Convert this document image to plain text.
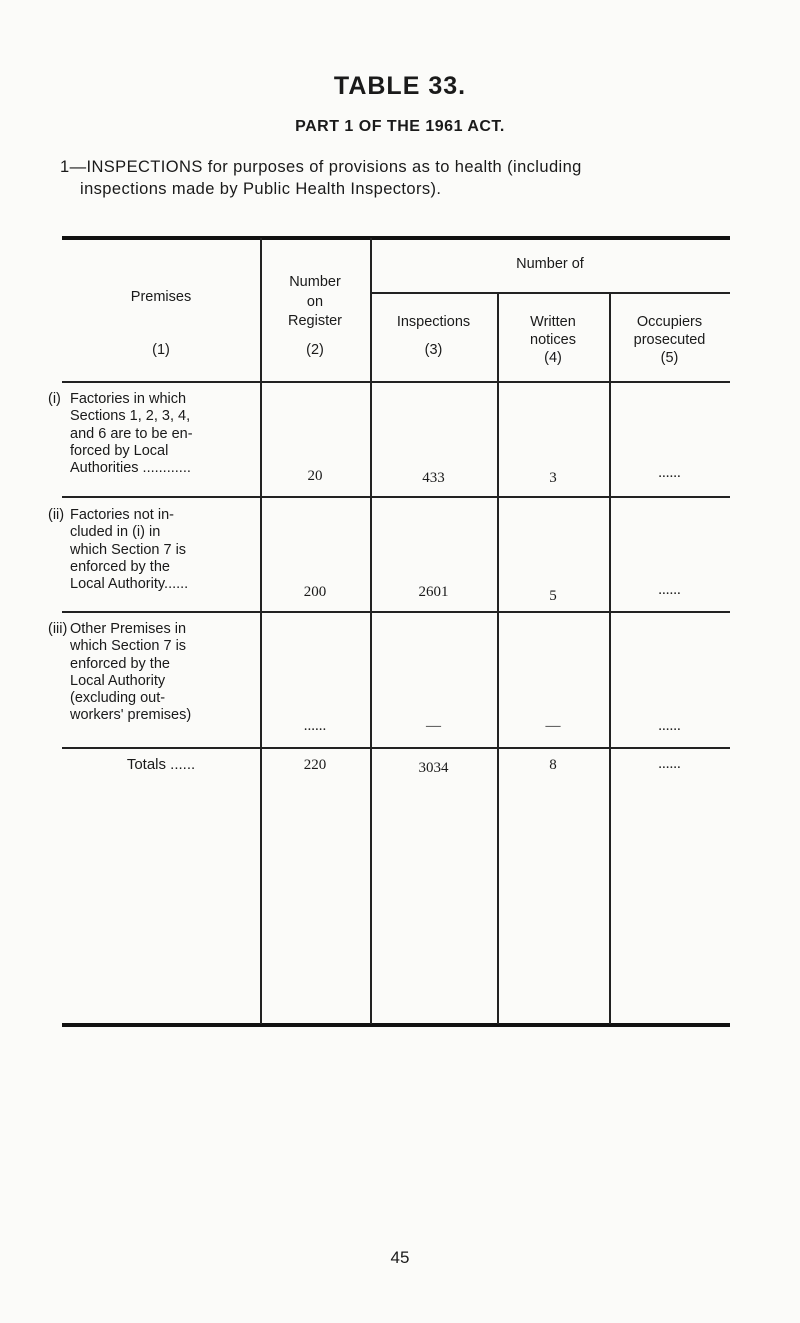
TABLE 33.
PART 1 OF THE 1961 ACT.
1—INSPECTIONS for purposes of provisions as to health (including
inspections made by Public Health Inspectors).
Premises
(1)
Number
on
Register
(2)
Number of
Inspections
(3)
Written
notices
(4)
Occupiers
prosecuted
(5)
(i) Factories in which
Sections 1, 2, 3, 4,
and 6 are to be en-
forced by Local
Authorities ............	20	433	3	......
(ii) Factories not in-
cluded in (i) in
which Section 7 is
enforced by the
Local Authority......	200	2601	5	......
(iii) Other Premises in
which Section 7 is
enforced by the
Local Authority
(excluding out-
workers' premises)
......	—	—	......
Totals ......	220	3034	8	......
45
